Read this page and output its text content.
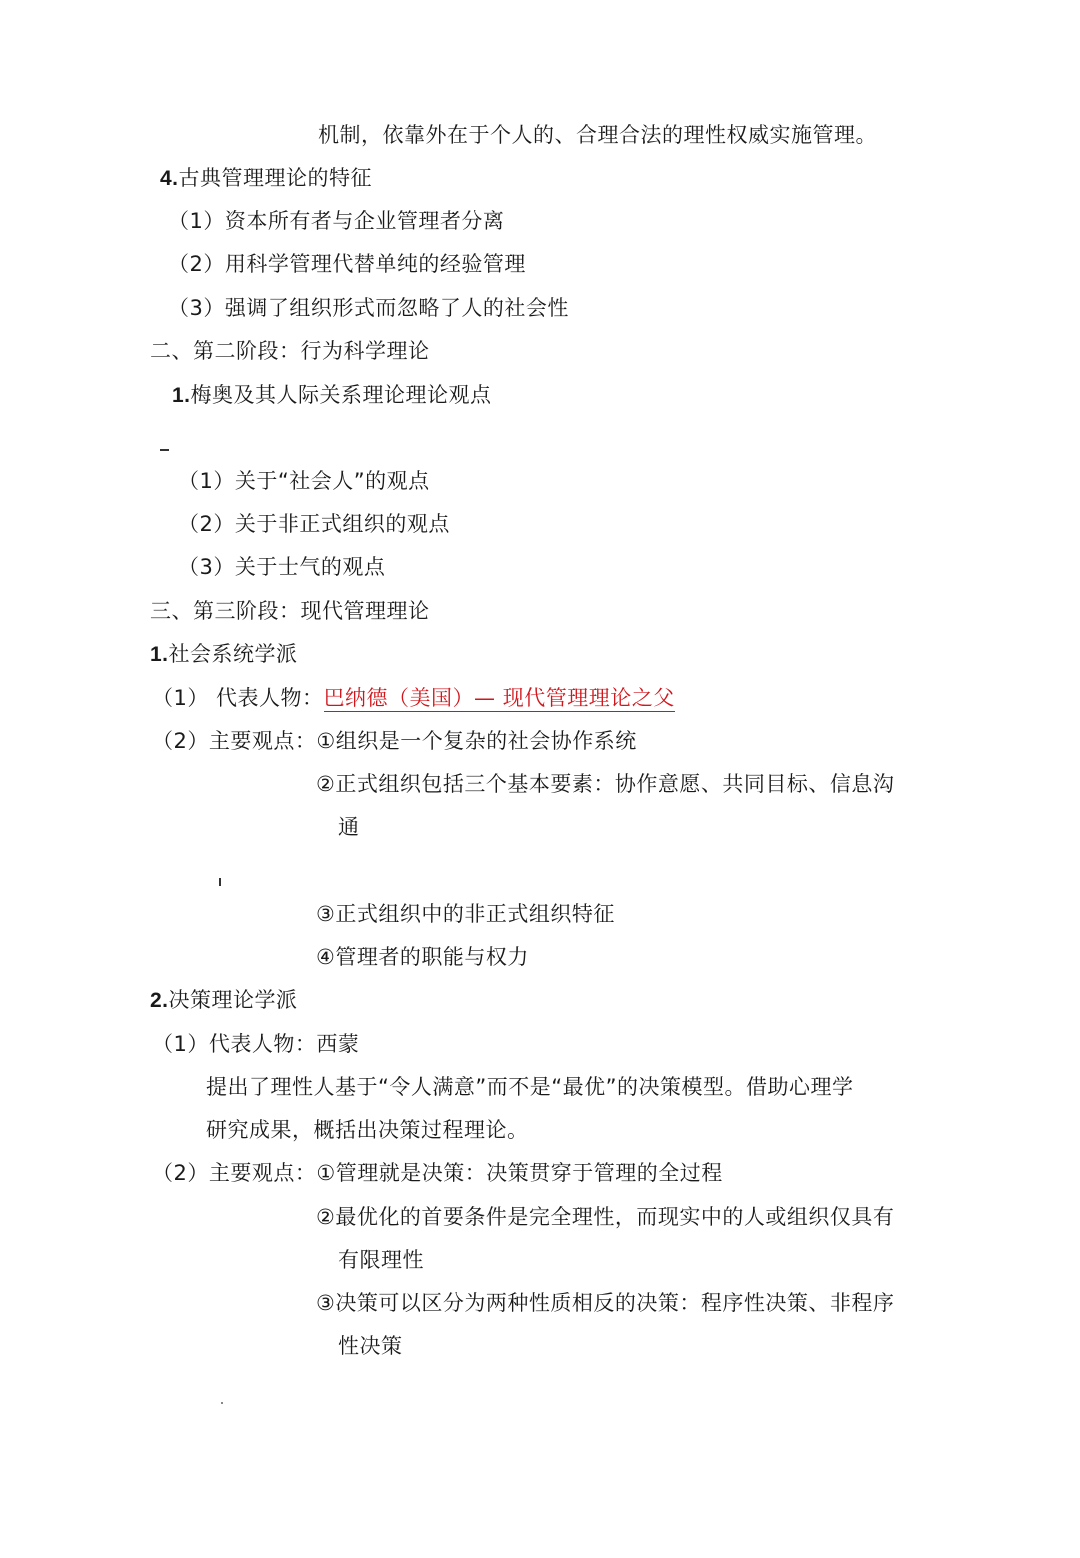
机制，依靠外在于个人的、合理合法的理性权威实施管理。
4.古典管理理论的特征
（1）资本所有者与企业管理者分离
（2）用科学管理代替单纯的经验管理
（3）强调了组织形式而忽略了人的社会性
二、第二阶段：行为科学理论
1.梅奥及其人际关系理论理论观点
（1）关于“社会人”的观点
（2）关于非正式组织的观点
（3）关于士气的观点
三、第三阶段：现代管理理论
1.社会系统学派
（1） 代表人物：巴纳德（美国）— 现代管理理论之父
（2）主要观点：①组织是一个复杂的社会协作系统
②正式组织包括三个基本要素：协作意愿、共同目标、信息沟
通
③正式组织中的非正式组织特征
④管理者的职能与权力
2.决策理论学派
（1）代表人物：西蒙
提出了理性人基于“令人满意”而不是“最优”的决策模型。借助心理学
研究成果，概括出决策过程理论。
（2）主要观点：①管理就是决策：决策贯穿于管理的全过程
②最优化的首要条件是完全理性，而现实中的人或组织仅具有
有限理性
③决策可以区分为两种性质相反的决策：程序性决策、非程序
性决策
